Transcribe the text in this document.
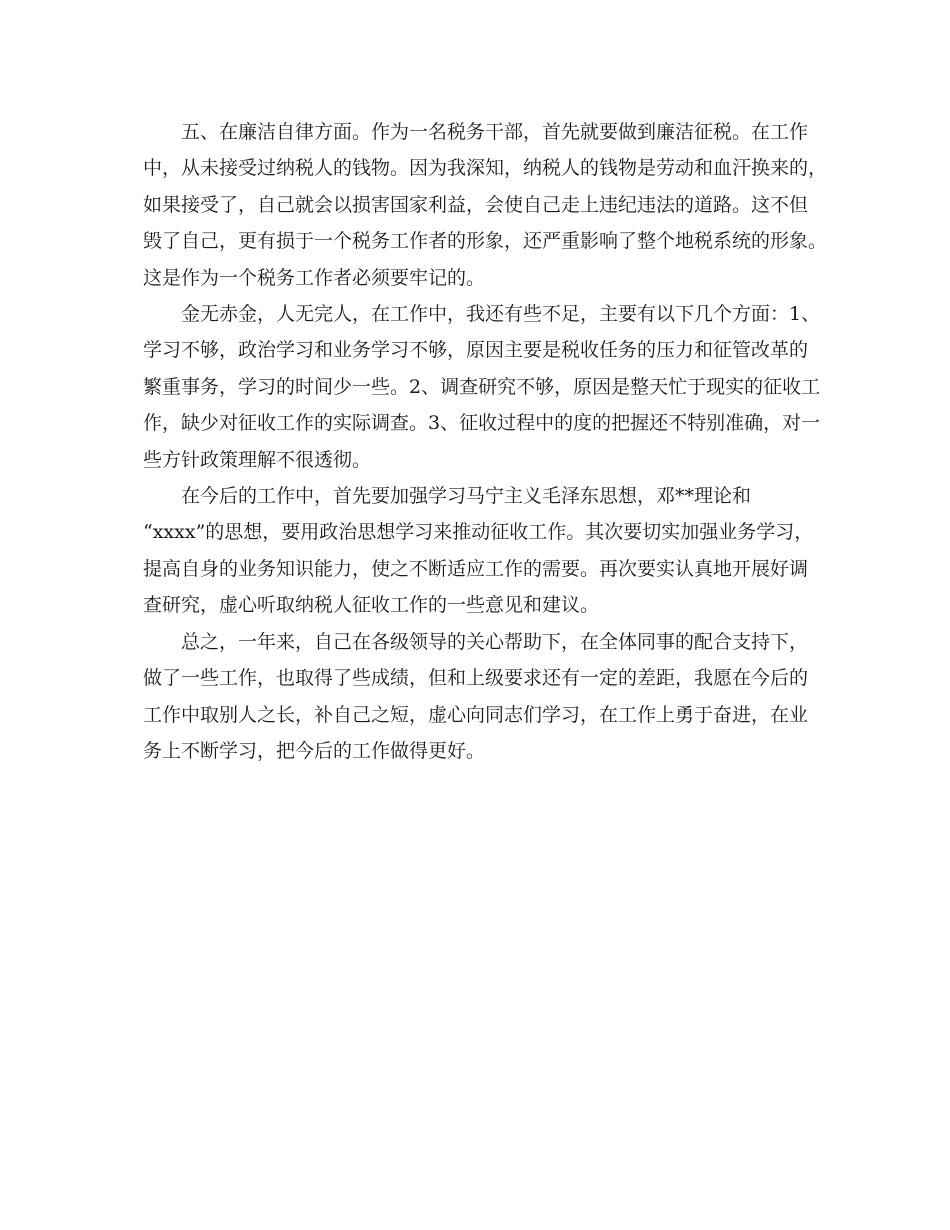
五、在廉洁自律方面。作为一名税务干部，首先就要做到廉洁征税。在工作
中，从未接受过纳税人的钱物。因为我深知，纳税人的钱物是劳动和血汗换来的，
如果接受了，自己就会以损害国家利益，会使自己走上违纪违法的道路。这不但
毁了自己，更有损于一个税务工作者的形象，还严重影响了整个地税系统的形象。
这是作为一个税务工作者必须要牢记的。
金无赤金，人无完人，在工作中，我还有些不足，主要有以下几个方面：1、
学习不够，政治学习和业务学习不够，原因主要是税收任务的压力和征管改革的
繁重事务，学习的时间少一些。2、调查研究不够，原因是整天忙于现实的征收工
作，缺少对征收工作的实际调查。3、征收过程中的度的把握还不特别准确，对一
些方针政策理解不很透彻。
在今后的工作中，首先要加强学习马宁主义毛泽东思想，邓**理论和
“xxxx”的思想，要用政治思想学习来推动征收工作。其次要切实加强业务学习，
提高自身的业务知识能力，使之不断适应工作的需要。再次要实认真地开展好调
查研究，虚心听取纳税人征收工作的一些意见和建议。
总之，一年来，自己在各级领导的关心帮助下，在全体同事的配合支持下，
做了一些工作，也取得了些成绩，但和上级要求还有一定的差距，我愿在今后的
工作中取别人之长，补自己之短，虚心向同志们学习，在工作上勇于奋进，在业
务上不断学习，把今后的工作做得更好。
